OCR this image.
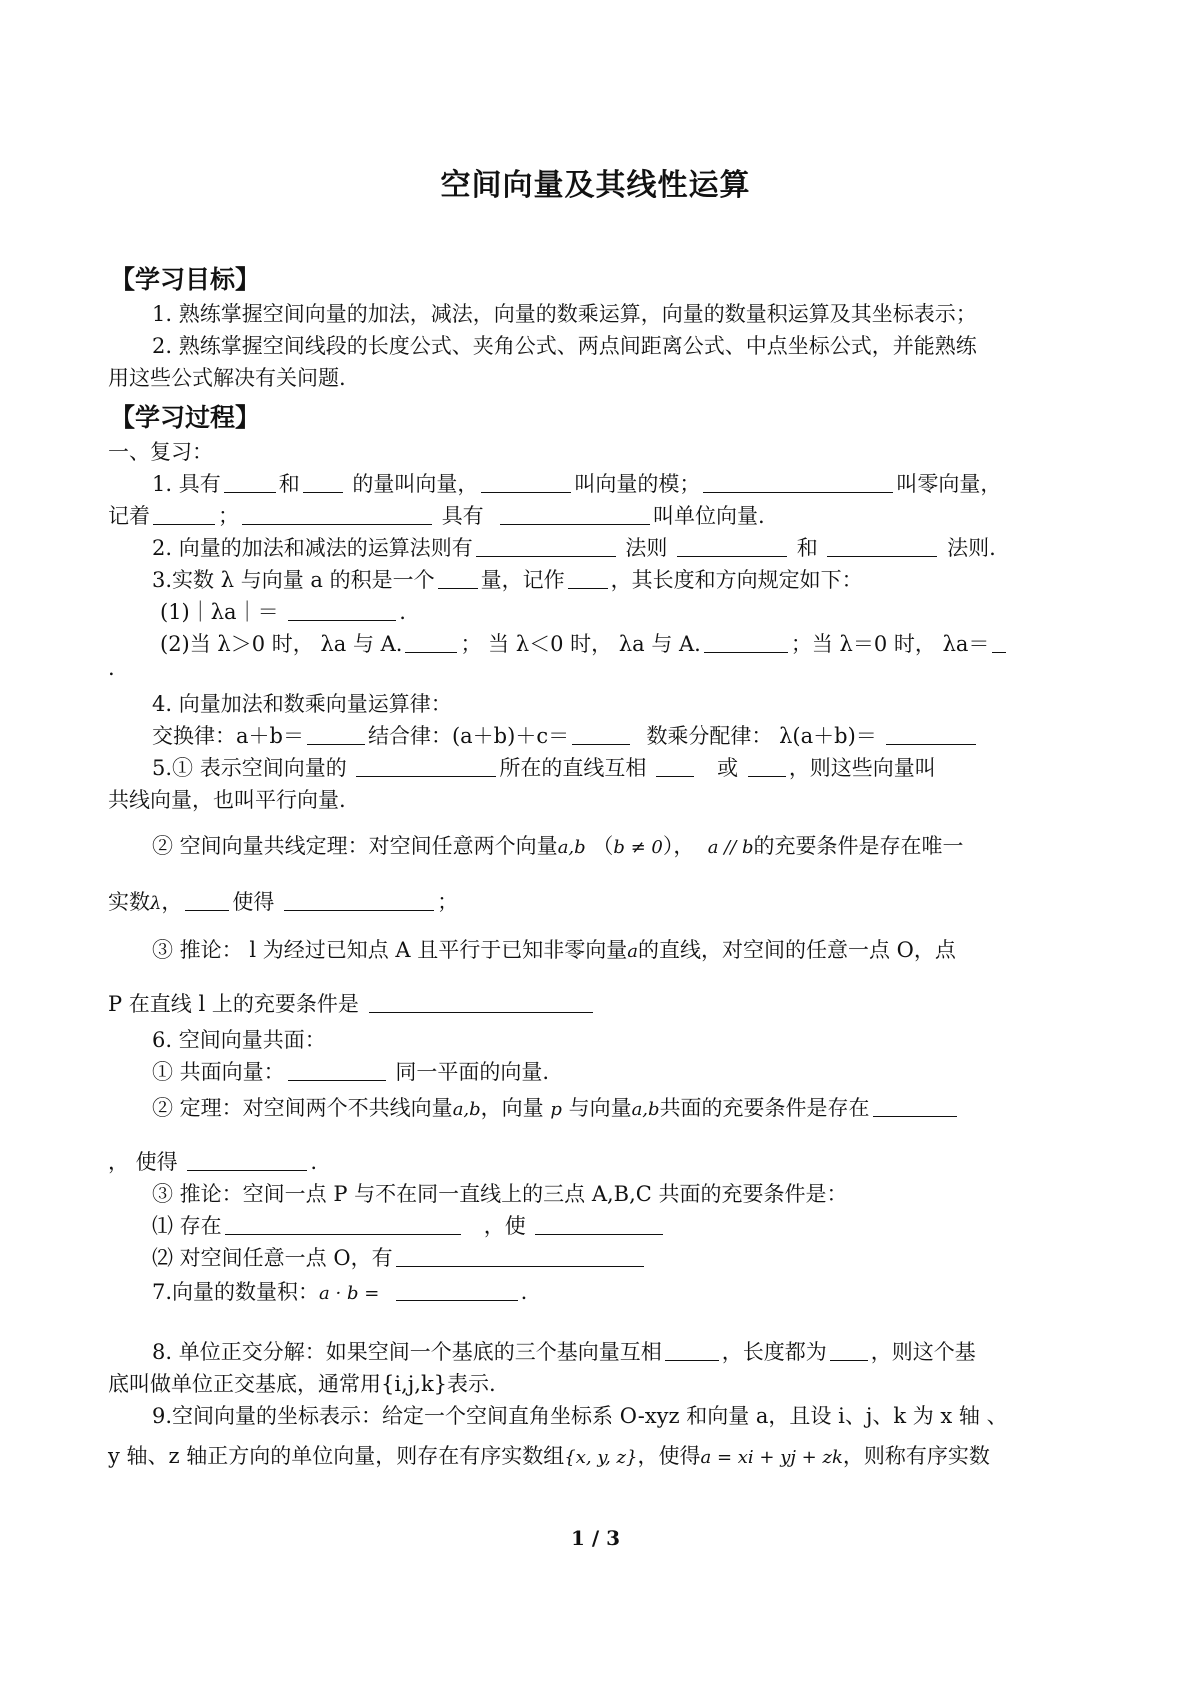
空间向量及其线性运算
【学习目标】
1. 熟练掌握空间向量的加法，减法，向量的数乘运算，向量的数量积运算及其坐标表示；
2. 熟练掌握空间线段的长度公式、夹角公式、两点间距离公式、中点坐标公式，并能熟练
用这些公式解决有关问题.
【学习过程】
一、复习：
1. 具有	和	的量叫向量，	叫向量的模；	叫零向量，
记着	；	具有	叫单位向量.
2. 向量的加法和减法的运算法则有	法则	和	法则.
3.实数 λ 与向量 a 的积是一个 量，记作 ，其长度和方向规定如下：
(1)｜λa｜＝	.
(2)当 λ＞0 时， λa 与 A.	； 当 λ＜0 时， λa 与 A.	；当 λ＝0 时， λa＝
.
4. 向量加法和数乘向量运算律：
交换律：a＋b＝	结合律：(a＋b)＋c＝	数乘分配律： λ(a＋b)＝
5.① 表示空间向量的	所在的直线互相	或 ，则这些向量叫
共线向量，也叫平行向量.
② 空间向量共线定理：对空间任意两个向量a,b （b ≠ 0），  a // b的充要条件是存在唯一
实数λ， 使得	；
③ 推论： l 为经过已知点 A 且平行于已知非零向量a的直线，对空间的任意一点 O，点
P 在直线 l 上的充要条件是
6. 空间向量共面：
① 共面向量：	同一平面的向量.
② 定理：对空间两个不共线向量a,b，向量 p 与向量a,b共面的充要条件是存在
， 使得	.
③ 推论：空间一点 P 与不在同一直线上的三点 A,B,C 共面的充要条件是：
⑴ 存在	，使
⑵ 对空间任意一点 O，有
7.向量的数量积：a · b =	.
8. 单位正交分解：如果空间一个基底的三个基向量互相	，长度都为 ，则这个基
底叫做单位正交基底，通常用{i,j,k}表示.
9.空间向量的坐标表示：给定一个空间直角坐标系 O-xyz 和向量 a，且设 i、j、k 为 x 轴 、
y 轴、z 轴正方向的单位向量，则存在有序实数组{x, y, z}，使得a = xi + yj + zk，则称有序实数
1 / 3
